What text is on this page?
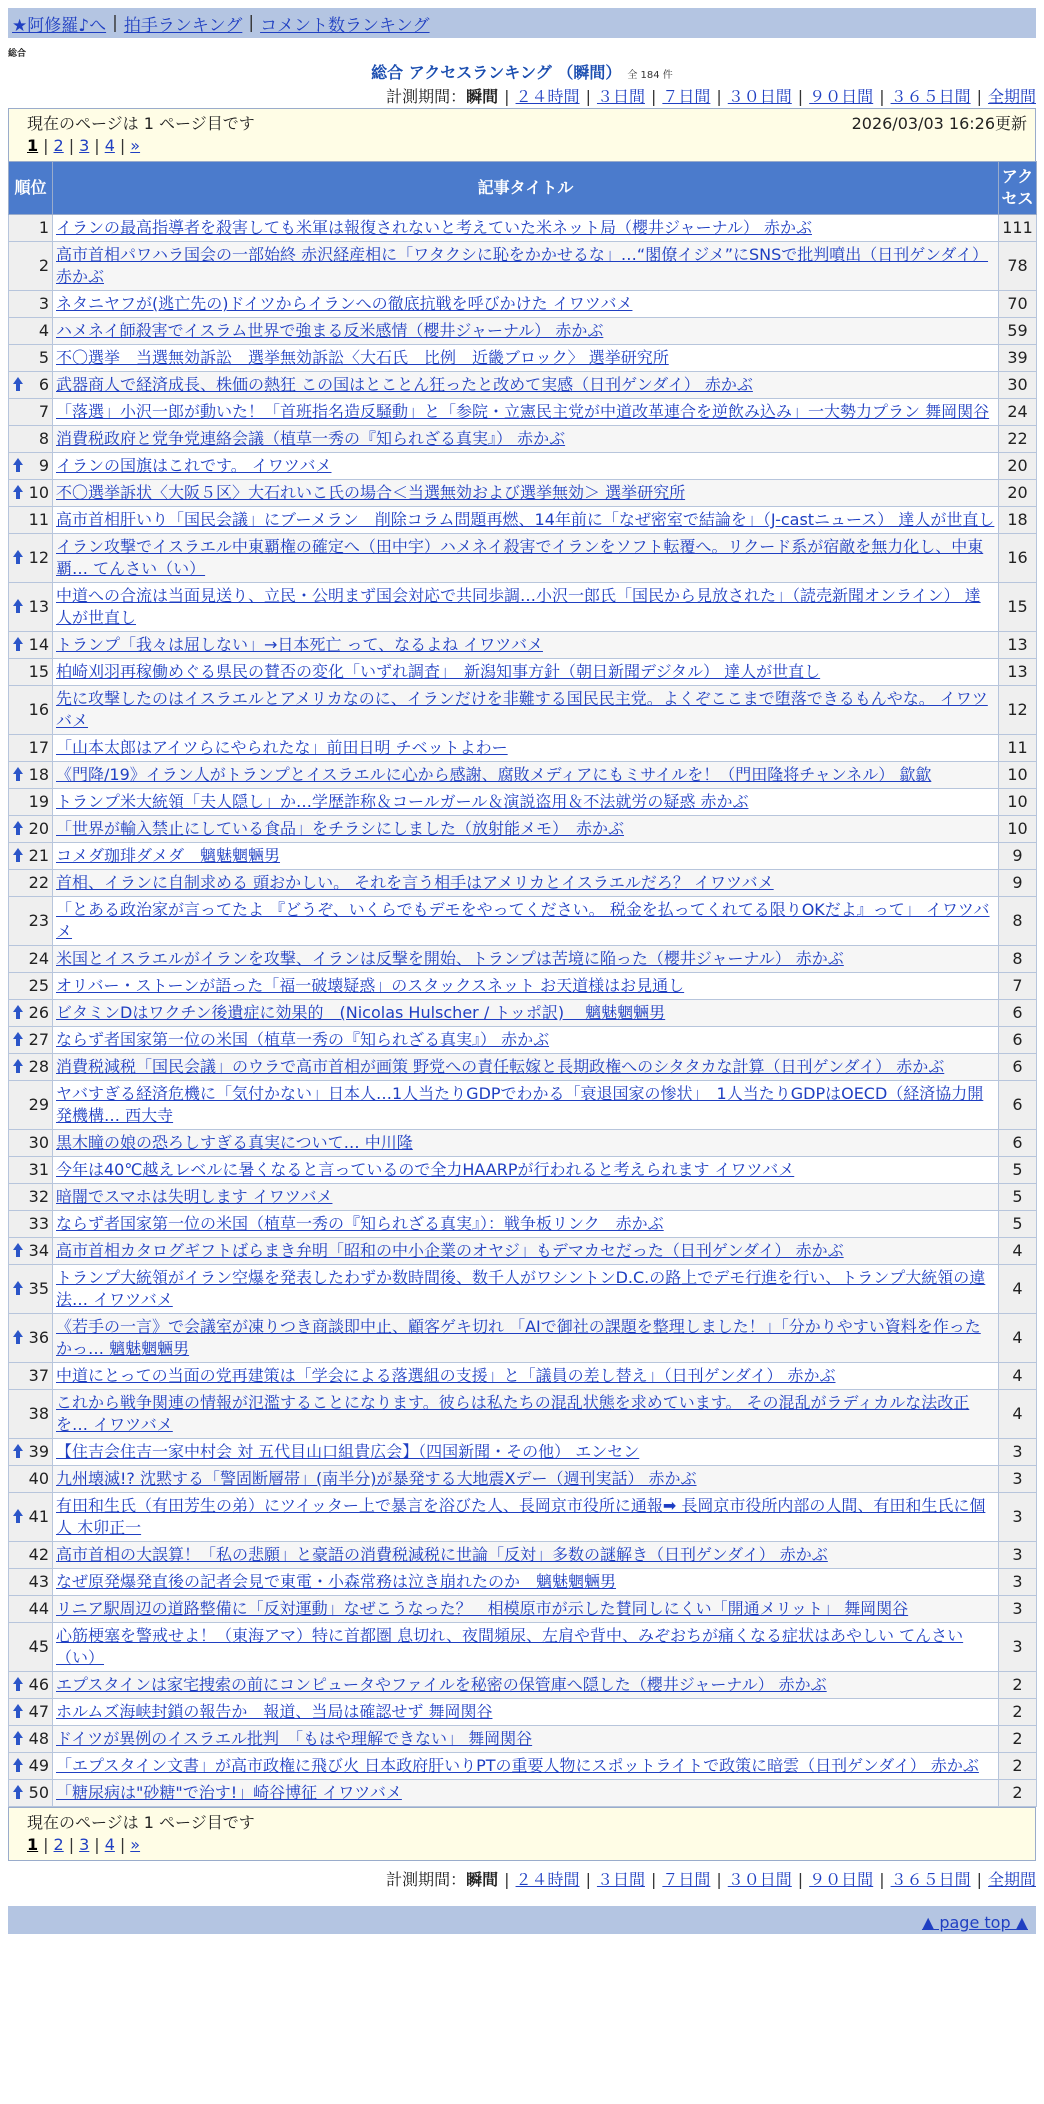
★阿修羅♪へ | 拍手ランキング | コメント数ランキング
総合
総合 アクセスランキング （瞬間） 全 184 件
計測期間：瞬間 | ２４時間 | ３日間 | ７日間 | ３０日間 | ９０日間 | ３６５日間 | 全期間
現在のページは 1 ページ目です	2026/03/03 16:26更新
1 | 2 | 3 | 4 | »
順位	記事タイトル	アクセス
1	イランの最高指導者を殺害しても米軍は報復されないと考えていた米ネット局（櫻井ジャーナル） 赤かぶ	111
2	高市首相パワハラ国会の一部始終 赤沢経産相に「ワタクシに恥をかかせるな」…“閣僚イジメ”にSNSで批判噴出（日刊ゲンダイ） 赤かぶ	78
3	ネタニヤフが(逃亡先の)ドイツからイランへの徹底抗戦を呼びかけた イワツバメ	70
4	ハメネイ師殺害でイスラム世界で強まる反米感情（櫻井ジャーナル） 赤かぶ	59
5	不〇選挙　当選無効訴訟　選挙無効訴訟〈大石氏　比例　近畿ブロック〉 選挙研究所	39

6	武器商人で経済成長、株価の熱狂 この国はとことん狂ったと改めて実感（日刊ゲンダイ） 赤かぶ	30
7	「落選」小沢一郎が動いた！「首班指名造反騒動」と「参院・立憲民主党が中道改革連合を逆飲み込み」一大勢力プラン 舞岡関谷	24
8	消費税政府と党争党連絡会議（植草一秀の『知られざる真実』） 赤かぶ	22

9	イランの国旗はこれです。 イワツバメ	20

10	不〇選挙訴状〈大阪５区〉大石れいこ氏の場合＜当選無効および選挙無効＞ 選挙研究所	20
11	高市首相肝いり「国民会議」にブーメラン　削除コラム問題再燃、14年前に「なぜ密室で結論を」（J-castニュース） 達人が世直し	18

12	イラン攻撃でイスラエル中東覇権の確定へ（田中宇）ハメネイ殺害でイランをソフト転覆へ。リクード系が宿敵を無力化し、中東覇… てんさい（い）	16

13	中道への合流は当面見送り、立民・公明まず国会対応で共同歩調…小沢一郎氏「国民から見放された」（読売新聞オンライン） 達人が世直し	15

14	トランプ「我々は屈しない」→日本死亡 って、なるよね イワツバメ	13
15	柏崎刈羽再稼働めぐる県民の賛否の変化「いずれ調査」　新潟知事方針（朝日新聞デジタル） 達人が世直し	13
16	先に攻撃したのはイスラエルとアメリカなのに、イランだけを非難する国民民主党。よくぞここまで堕落できるもんやな。 イワツバメ	12
17	「山本太郎はアイツらにやられたな」前田日明 チベットよわー	11

18	《門降/19》イラン人がトランプとイスラエルに心から感謝、腐敗メディアにもミサイルを！（門田隆将チャンネル） 歙歙	10
19	トランプ米大統領「夫人隠し」か…学歴詐称＆コールガール＆演説盗用＆不法就労の疑惑 赤かぶ	10

20	「世界が輸入禁止にしている食品」をチラシにしました（放射能メモ）　赤かぶ	10

21	コメダ珈琲ダメダ　魑魅魍魎男	9
22	首相、イランに自制求める 頭おかしい。 それを言う相手はアメリカとイスラエルだろ？ イワツバメ	9
23	「とある政治家が言ってたよ 『どうぞ、いくらでもデモをやってください。 税金を払ってくれてる限りOKだよ』って」 イワツバメ	8
24	米国とイスラエルがイランを攻撃、イランは反撃を開始、トランプは苦境に陥った（櫻井ジャーナル） 赤かぶ	8
25	オリバー・ストーンが語った「福一破壊疑惑」のスタックスネット お天道様はお見通し	7

26	ビタミンDはワクチン後遺症に効果的　(Nicolas Hulscher / トッポ訳)　 魑魅魍魎男	6

27	ならず者国家第一位の米国（植草一秀の『知られざる真実』） 赤かぶ	6

28	消費税減税「国民会議」のウラで高市首相が画策 野党への責任転嫁と長期政権へのシタタカな計算（日刊ゲンダイ） 赤かぶ	6
29	ヤバすぎる経済危機に「気付かない」日本人…1人当たりGDPでわかる「衰退国家の惨状」　1人当たりGDPはOECD（経済協力開発機構… 西大寺	6
30	黒木瞳の娘の恐ろしすぎる真実について… 中川隆	6
31	今年は40℃越えレベルに暑くなると言っているので全力HAARPが行われると考えられます イワツバメ	5
32	暗闇でスマホは失明します イワツバメ	5
33	ならず者国家第一位の米国（植草一秀の『知られざる真実』）：戦争板リンク　赤かぶ	5

34	高市首相カタログギフトばらまき弁明「昭和の中小企業のオヤジ」もデマカセだった（日刊ゲンダイ） 赤かぶ	4

35	トランプ大統領がイラン空爆を発表したわずか数時間後、数千人がワシントンD.C.の路上でデモ行進を行い、トランプ大統領の違法… イワツバメ	4

36	《若手の一言》で会議室が凍りつき商談即中止、顧客ゲキ切れ 「AIで御社の課題を整理しました！」「分かりやすい資料を作ったかっ… 魑魅魍魎男	4
37	中道にとっての当面の党再建策は「学会による落選組の支援」と「議員の差し替え」（日刊ゲンダイ） 赤かぶ	4
38	これから戦争関連の情報が氾濫することになります。彼らは私たちの混乱状態を求めています。 その混乱がラディカルな法改正を… イワツバメ	4

39	【住吉会住吉一家中村会 対 五代目山口組貴広会】（四国新聞・その他） エンセン	3
40	九州壊滅!? 沈黙する「警固断層帯」(南半分)が暴発する大地震Xデー（週刊実話） 赤かぶ	3

41	有田和生氏（有田芳生の弟）にツイッター上で暴言を浴びた人、長岡京市役所に通報➡ 長岡京市役所内部の人間、有田和生氏に個人 木卯正一	3
42	高市首相の大誤算！「私の悲願」と豪語の消費税減税に世論「反対」多数の謎解き（日刊ゲンダイ） 赤かぶ	3
43	なぜ原発爆発直後の記者会見で東電・小森常務は泣き崩れたのか　魑魅魍魎男	3
44	リニア駅周辺の道路整備に「反対運動」なぜこうなった？　相模原市が示した賛同しにくい「開通メリット」 舞岡関谷	3
45	心筋梗塞を警戒せよ！（東海アマ）特に首都圏 息切れ、夜間頻尿、左肩や背中、みぞおちが痛くなる症状はあやしい てんさい（い）	3

46	エプスタインは家宅捜索の前にコンピュータやファイルを秘密の保管庫へ隠した（櫻井ジャーナル） 赤かぶ	2

47	ホルムズ海峡封鎖の報告か　報道、当局は確認せず 舞岡関谷	2

48	ドイツが異例のイスラエル批判　「もはや理解できない」 舞岡関谷	2

49	「エプスタイン文書」が高市政権に飛び火 日本政府肝いりPTの重要人物にスポットライトで政策に暗雲（日刊ゲンダイ） 赤かぶ	2

50	「糖尿病は"砂糖"で治す!」崎谷博征 イワツバメ	2
現在のページは 1 ページ目です
1 | 2 | 3 | 4 | »
計測期間：瞬間 | ２４時間 | ３日間 | ７日間 | ３０日間 | ９０日間 | ３６５日間 | 全期間
▲ page top ▲
